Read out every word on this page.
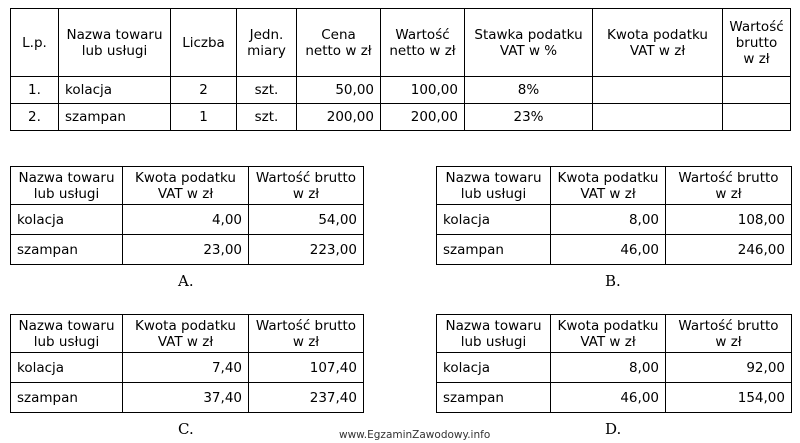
L.p.	Nazwa towaru lub usługi	Liczba	Jedn. miary	Cena netto w zł	Wartość netto w zł	Stawka podatku VAT w %	Kwota podatku VAT w zł	Wartość brutto w zł
1.	kolacja	2	szt.	50,00	100,00	8%		
2.	szampan	1	szt.	200,00	200,00	23%		
Nazwa towaru lub usługi	Kwota podatku VAT w zł	Wartość brutto w zł
kolacja	4,00	54,00
szampan	23,00	223,00
A.
Nazwa towaru lub usługi	Kwota podatku VAT w zł	Wartość brutto w zł
kolacja	8,00	108,00
szampan	46,00	246,00
B.
Nazwa towaru lub usługi	Kwota podatku VAT w zł	Wartość brutto w zł
kolacja	7,40	107,40
szampan	37,40	237,40
C.
Nazwa towaru lub usługi	Kwota podatku VAT w zł	Wartość brutto w zł
kolacja	8,00	92,00
szampan	46,00	154,00
D.
www.EgzaminZawodowy.info
